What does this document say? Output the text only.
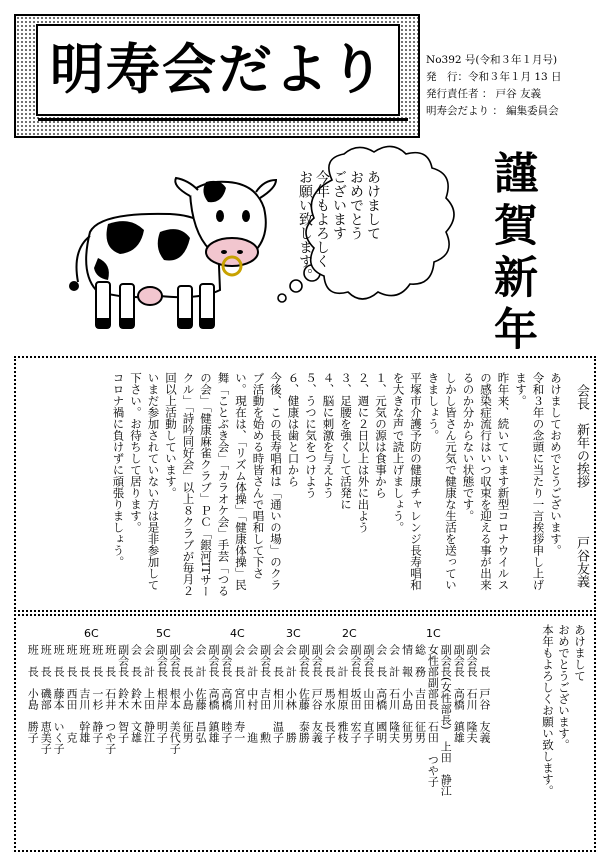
明寿会だより	No392 号(令和３年１月号)
発　行：令和３年１月 13 日
発行責任者 ： 戸谷 友義
明寿会だより ： 編集委員会
あけまして
おめでとう
ございます
今年もよろしく
お願い致します。	謹賀新年
会長　新年の挨拶 戸谷友義
あけましておめでとうございます。
令和３年の念頭に当たり一言挨拶申し上げます。
昨年来、続いています新型コロナウイルスの感染症流行はいつ収束を迎える事が出来るのか分からない状態です。
しかし皆さん元気で健康な生活を送っていきましょう。
平塚市介護予防の健康チャレンジ長寿唱和を大きな声で読上げましょう。
１、元気の源は食事から
２、週に２日以上は外に出よう
３、足腰を強くして活発に
４、脳に刺激を与えよう
５、うつに気をつけよう
６、健康は歯と口から
今後、この長寿唱和は「通いの場」のクラブ活動を始める時皆さんで唱和して下さい。現在は、「リズム体操」「健康体操」民舞「ことぶき会」「カラオケ会」手芸「つるの会」「健康麻雀クラブ」ＰＣ「銀河ITサークル」「詩吟同好会」以上８クラブが毎月２回以上活動しています。
いまだ参加されていない方は是非参加して下さい。お待ちして居ります。
コロナ禍に負けずに頑張りましょう。
あけまして
おめでとうございます。
本年もよろしくお願い致します。
1C
2C
3C
4C
5C
6C
会　長　戸谷　友義
副会長　石川　隆夫
副会長　高橋　鎮雄
副会長(女性部長)　上田　静江
女性部副部長　石田　つや子
総　務　吉田　征男
情　報　小島　征男
会　計　石川　隆夫
会　長　高橋　國明
副会長　山田　直子
副会長　坂田　宏子
会　計　相原　雅枝
会　長　馬水　長子
副会長　戸谷　友義
副会長　佐藤　泰勝
会　計　小林　　勝
会　長　相川　温子
副会長　吉田　　勲
会　計　中村　　進
会　長　宮川　寿一
副会長　高橋　睦子
副会長　高橋　鎮雄
会　計　佐藤　昌弘
会　長　小島　征男
副会長　根本　美代子
副会長　根岸　明子
会　計　上田　静江
会　長　鈴木　文雄
副会長　鈴木　智子
班　長　石井　つや子
班　長　一杉　静子
班　長　吉川　幹雄
班　長　西田　　克
班　長　藤本　いく子
班　長　磯部　恵美子
班　長　小島　勝子
